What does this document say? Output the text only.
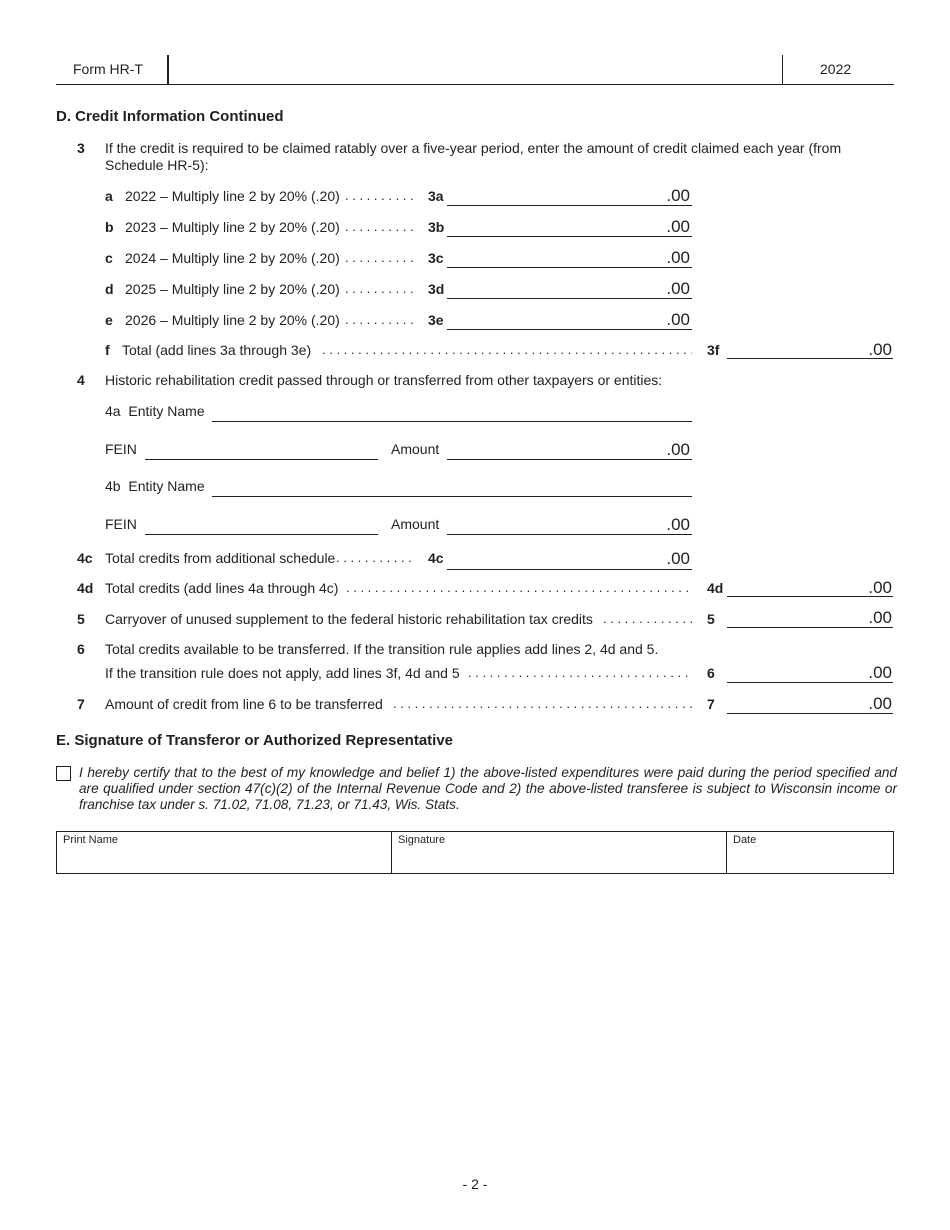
Form HR-T	2022
D. Credit Information Continued
3 If the credit is required to be claimed ratably over a five-year period, enter the amount of credit claimed each year (from Schedule HR-5):
a 2022 – Multiply line 2 by 20% (.20) . . .	3a	.00
b 2023 – Multiply line 2 by 20% (.20) . . .	3b	.00
c 2024 – Multiply line 2 by 20% (.20) . . .	3c	.00
d 2025 – Multiply line 2 by 20% (.20) . . .	3d	.00
e 2026 – Multiply line 2 by 20% (.20) . . .	3e	.00
f Total (add lines 3a through 3e) . . .	3f	.00
4 Historic rehabilitation credit passed through or transferred from other taxpayers or entities:
4a  Entity Name
FEIN	Amount	.00
4b  Entity Name
FEIN	Amount	.00
4c Total credits from additional schedule . . .	4c	.00
4d Total credits (add lines 4a through 4c) . . .	4d	.00
5 Carryover of unused supplement to the federal historic rehabilitation tax credits . . .	5	.00
6 Total credits available to be transferred. If the transition rule applies add lines 2, 4d and 5.
If the transition rule does not apply, add lines 3f, 4d and 5 . . .	6	.00
7 Amount of credit from line 6 to be transferred . . .	7	.00
E. Signature of Transferor or Authorized Representative
I hereby certify that to the best of my knowledge and belief 1) the above-listed expenditures were paid during the period specified and are qualified under section 47(c)(2) of the Internal Revenue Code and 2) the above-listed transferee is subject to Wisconsin income or franchise tax under s. 71.02, 71.08, 71.23, or 71.43, Wis. Stats.
Print Name	Signature	Date
- 2 -
